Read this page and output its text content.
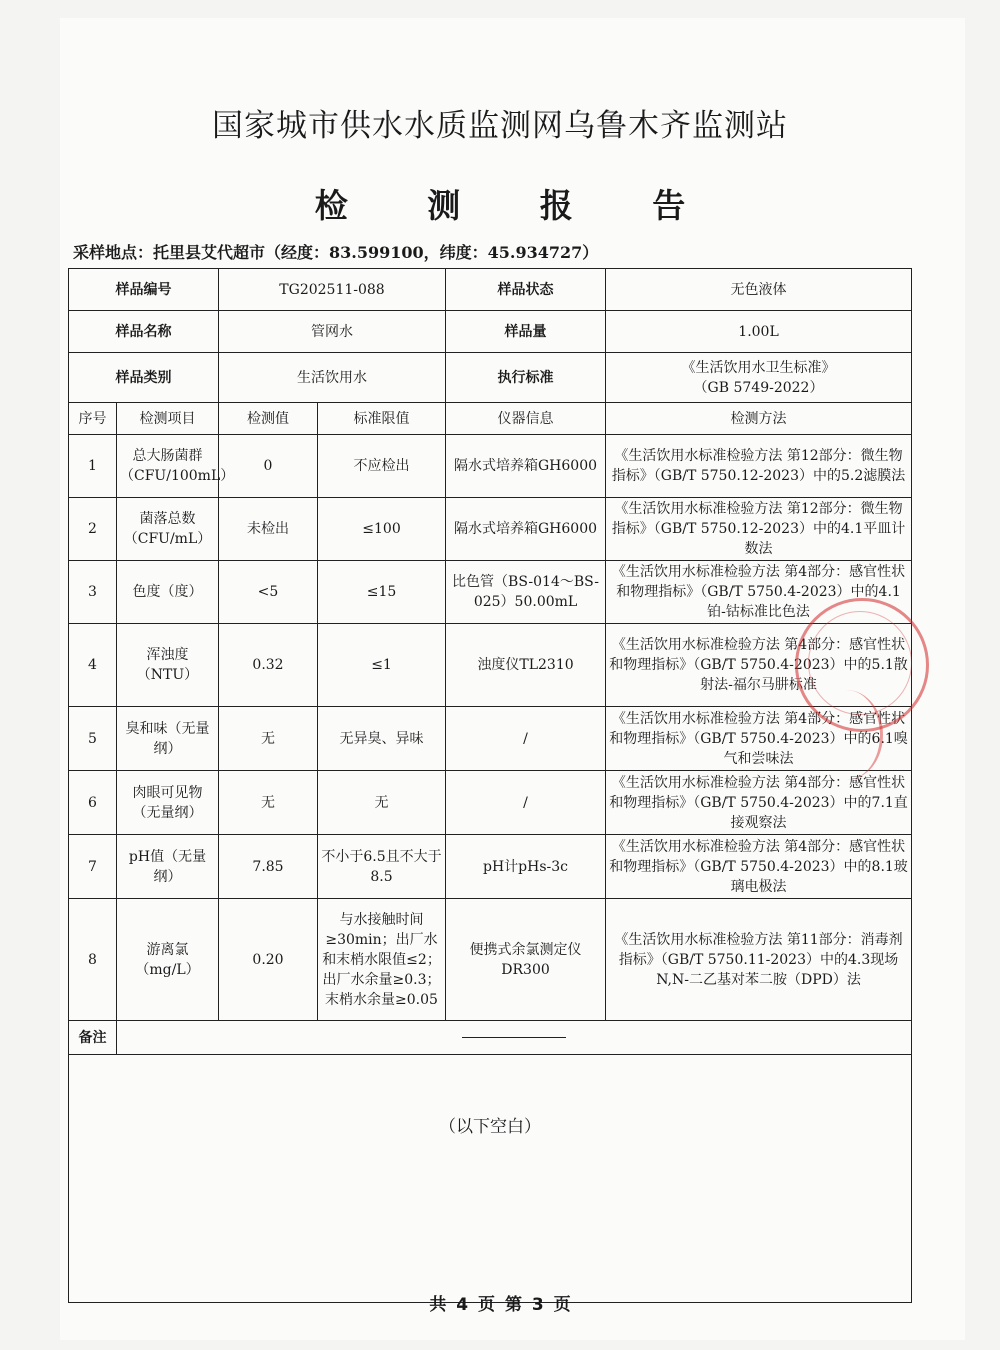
国家城市供水水质监测网乌鲁木齐监测站
检 测 报 告
采样地点：托里县艾代超市（经度：83.599100，纬度：45.934727）
样品编号		TG202511-088		样品状态	无色液体
样品名称		管网水		样品量	1.00L
样品类别		生活饮用水		执行标准	《生活饮用水卫生标准》
（GB 5749-2022）

序号	检测项目	检测值	标准限值	仪器信息	检测方法
1	总大肠菌群（CFU/100mL）	0	不应检出	隔水式培养箱GH6000	《生活饮用水标准检验方法 第12部分：微生物指标》（GB/T 5750.12-2023）中的5.2滤膜法
2	菌落总数（CFU/mL）	未检出	≤100	隔水式培养箱GH6000	《生活饮用水标准检验方法 第12部分：微生物指标》（GB/T 5750.12-2023）中的4.1平皿计数法
3	色度（度）	<5	≤15	比色管（BS-014～BS-025）50.00mL	《生活饮用水标准检验方法 第4部分：感官性状和物理指标》（GB/T 5750.4-2023）中的4.1铂-钴标准比色法
4	浑浊度（NTU）	0.32	≤1	浊度仪TL2310	《生活饮用水标准检验方法 第4部分：感官性状和物理指标》（GB/T 5750.4-2023）中的5.1散射法-福尔马肼标准
5	臭和味（无量纲）	无	无异臭、异味	/	《生活饮用水标准检验方法 第4部分：感官性状和物理指标》（GB/T 5750.4-2023）中的6.1嗅气和尝味法
6	肉眼可见物（无量纲）	无	无	/	《生活饮用水标准检验方法 第4部分：感官性状和物理指标》（GB/T 5750.4-2023）中的7.1直接观察法
7	pH值（无量纲）	7.85	不小于6.5且不大于8.5	pH计pHs-3c	《生活饮用水标准检验方法 第4部分：感官性状和物理指标》（GB/T 5750.4-2023）中的8.1玻璃电极法
8	游离氯（mg/L）	0.20	与水接触时间≥30min；出厂水和末梢水限值≤2；出厂水余量≥0.3；末梢水余量≥0.05	便携式余氯测定仪DR300	《生活饮用水标准检验方法 第11部分：消毒剂指标》（GB/T 5750.11-2023）中的4.3现场N,N-二乙基对苯二胺（DPD）法
备注					

（以下空白）					
共 4 页 第 3 页
